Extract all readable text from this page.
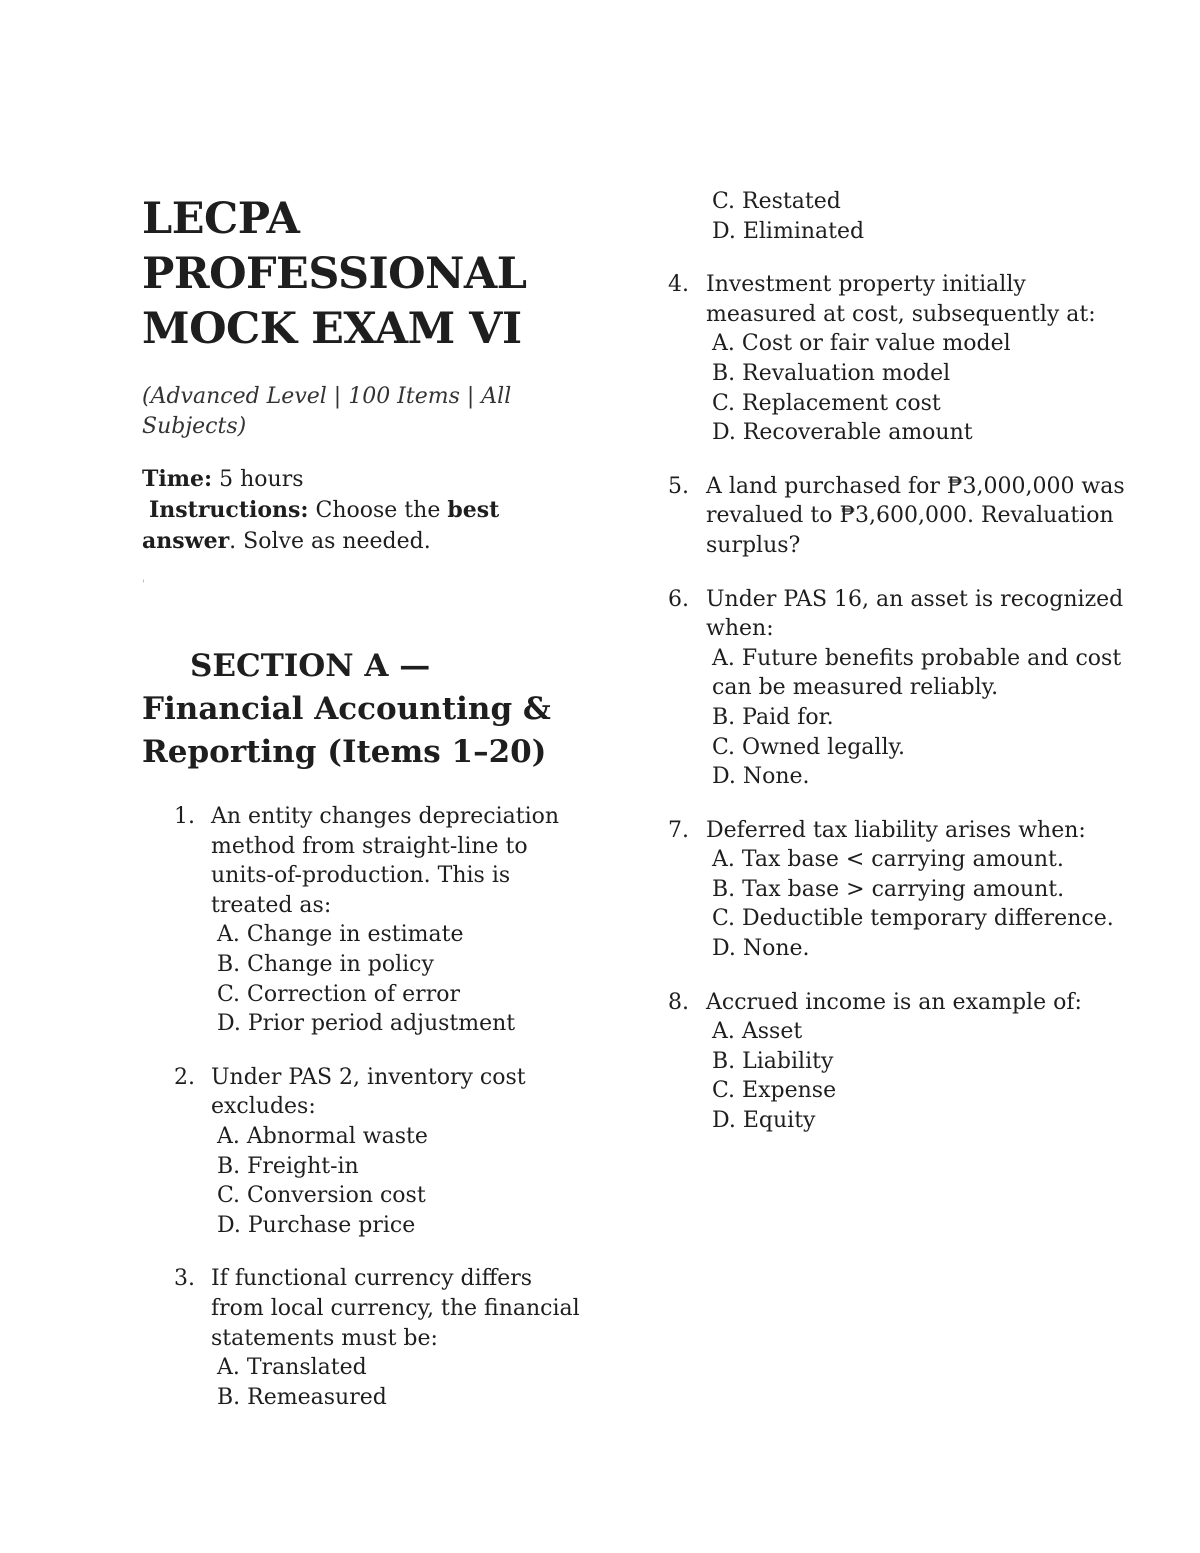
LECPA
PROFESSIONAL
MOCK EXAM VI
(Advanced Level | 100 Items | All Subjects)
Time: 5 hours
Instructions: Choose the best answer. Solve as needed.
'
SECTION A —
Financial Accounting &
Reporting (Items 1–20)
1. An entity changes depreciation method from straight-line to units-of-production. This is treated as:
A. Change in estimate
B. Change in policy
C. Correction of error
D. Prior period adjustment
2. Under PAS 2, inventory cost excludes:
A. Abnormal waste
B. Freight-in
C. Conversion cost
D. Purchase price
3. If functional currency differs from local currency, the financial statements must be:
A. Translated
B. Remeasured
C. Restated
D. Eliminated
4. Investment property initially measured at cost, subsequently at:
A. Cost or fair value model
B. Revaluation model
C. Replacement cost
D. Recoverable amount
5. A land purchased for ₱3,000,000 was revalued to ₱3,600,000. Revaluation surplus?
6. Under PAS 16, an asset is recognized when:
A. Future benefits probable and cost can be measured reliably.
B. Paid for.
C. Owned legally.
D. None.
7. Deferred tax liability arises when:
A. Tax base < carrying amount.
B. Tax base > carrying amount.
C. Deductible temporary difference.
D. None.
8. Accrued income is an example of:
A. Asset
B. Liability
C. Expense
D. Equity
